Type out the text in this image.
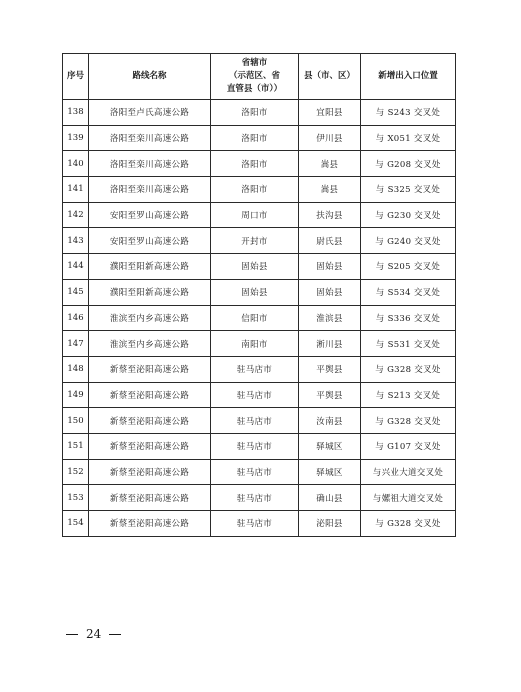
序号	路线名称	省辖市
（示范区、省
直管县（市））	县（市、区）	新增出入口位置
138	洛阳至卢氏高速公路	洛阳市	宜阳县	与 S243 交叉处
139	洛阳至栾川高速公路	洛阳市	伊川县	与 X051 交叉处
140	洛阳至栾川高速公路	洛阳市	嵩县	与 G208 交叉处
141	洛阳至栾川高速公路	洛阳市	嵩县	与 S325 交叉处
142	安阳至罗山高速公路	周口市	扶沟县	与 G230 交叉处
143	安阳至罗山高速公路	开封市	尉氏县	与 G240 交叉处
144	濮阳至阳新高速公路	固始县	固始县	与 S205 交叉处
145	濮阳至阳新高速公路	固始县	固始县	与 S534 交叉处
146	淮滨至内乡高速公路	信阳市	淮滨县	与 S336 交叉处
147	淮滨至内乡高速公路	南阳市	淅川县	与 S531 交叉处
148	新蔡至泌阳高速公路	驻马店市	平舆县	与 G328 交叉处
149	新蔡至泌阳高速公路	驻马店市	平舆县	与 S213 交叉处
150	新蔡至泌阳高速公路	驻马店市	汝南县	与 G328 交叉处
151	新蔡至泌阳高速公路	驻马店市	驿城区	与 G107 交叉处
152	新蔡至泌阳高速公路	驻马店市	驿城区	与兴业大道交叉处
153	新蔡至泌阳高速公路	驻马店市	确山县	与嫘祖大道交叉处
154	新蔡至泌阳高速公路	驻马店市	泌阳县	与 G328 交叉处
24
